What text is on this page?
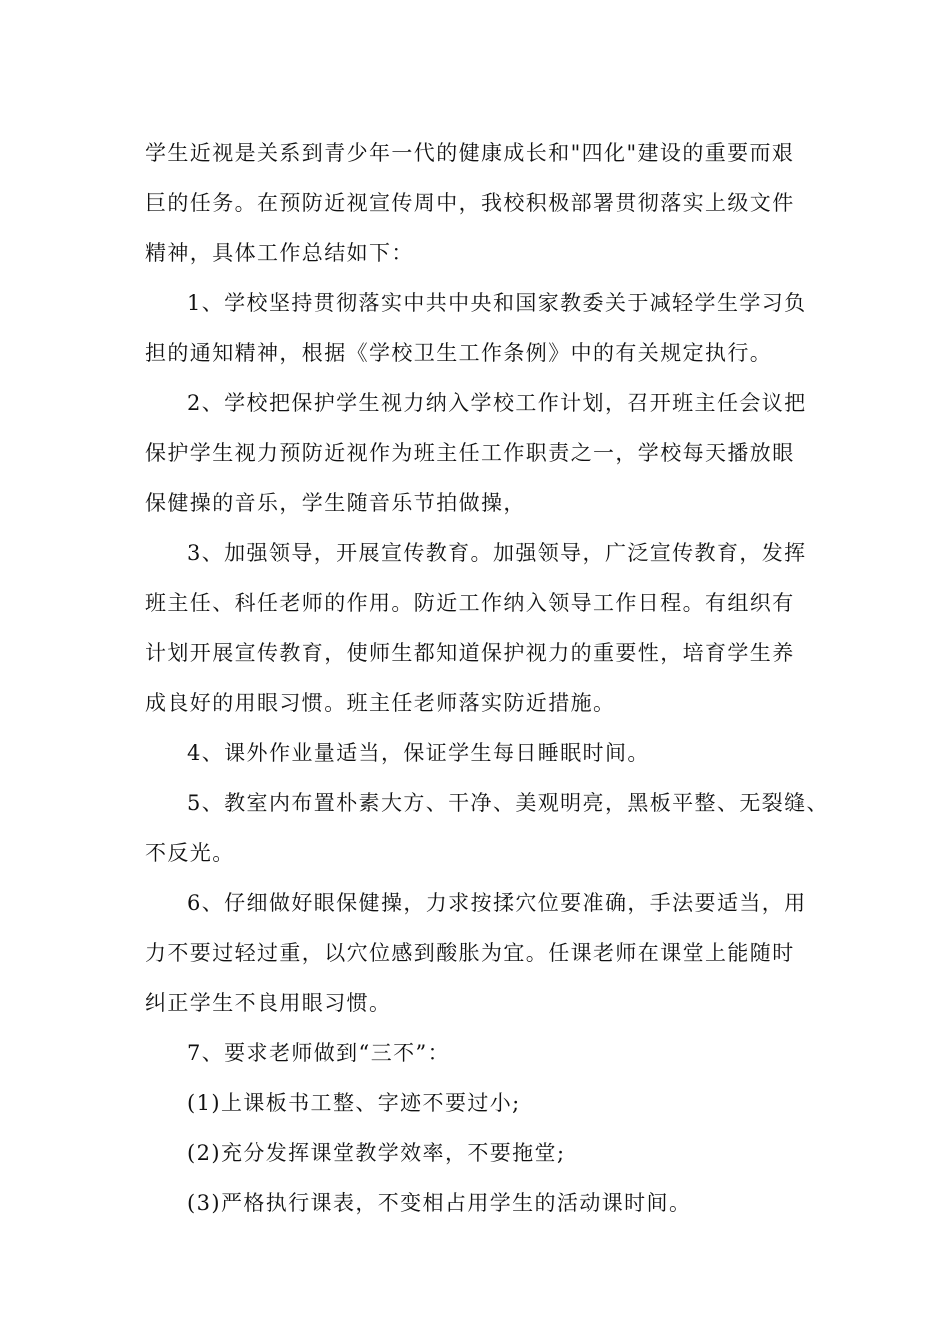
学生近视是关系到青少年一代的健康成长和"四化"建设的重要而艰
巨的任务。在预防近视宣传周中，我校积极部署贯彻落实上级文件
精神，具体工作总结如下：
1、学校坚持贯彻落实中共中央和国家教委关于减轻学生学习负
担的通知精神，根据《学校卫生工作条例》中的有关规定执行。
2、学校把保护学生视力纳入学校工作计划，召开班主任会议把
保护学生视力预防近视作为班主任工作职责之一，学校每天播放眼
保健操的音乐，学生随音乐节拍做操，
3、加强领导，开展宣传教育。加强领导，广泛宣传教育，发挥
班主任、科任老师的作用。防近工作纳入领导工作日程。有组织有
计划开展宣传教育，使师生都知道保护视力的重要性，培育学生养
成良好的用眼习惯。班主任老师落实防近措施。
4、课外作业量适当，保证学生每日睡眠时间。
5、教室内布置朴素大方、干净、美观明亮，黑板平整、无裂缝、
不反光。
6、仔细做好眼保健操，力求按揉穴位要准确，手法要适当，用
力不要过轻过重，以穴位感到酸胀为宜。任课老师在课堂上能随时
纠正学生不良用眼习惯。
7、要求老师做到“三不”：
(1)上课板书工整、字迹不要过小;
(2)充分发挥课堂教学效率，不要拖堂;
(3)严格执行课表，不变相占用学生的活动课时间。
